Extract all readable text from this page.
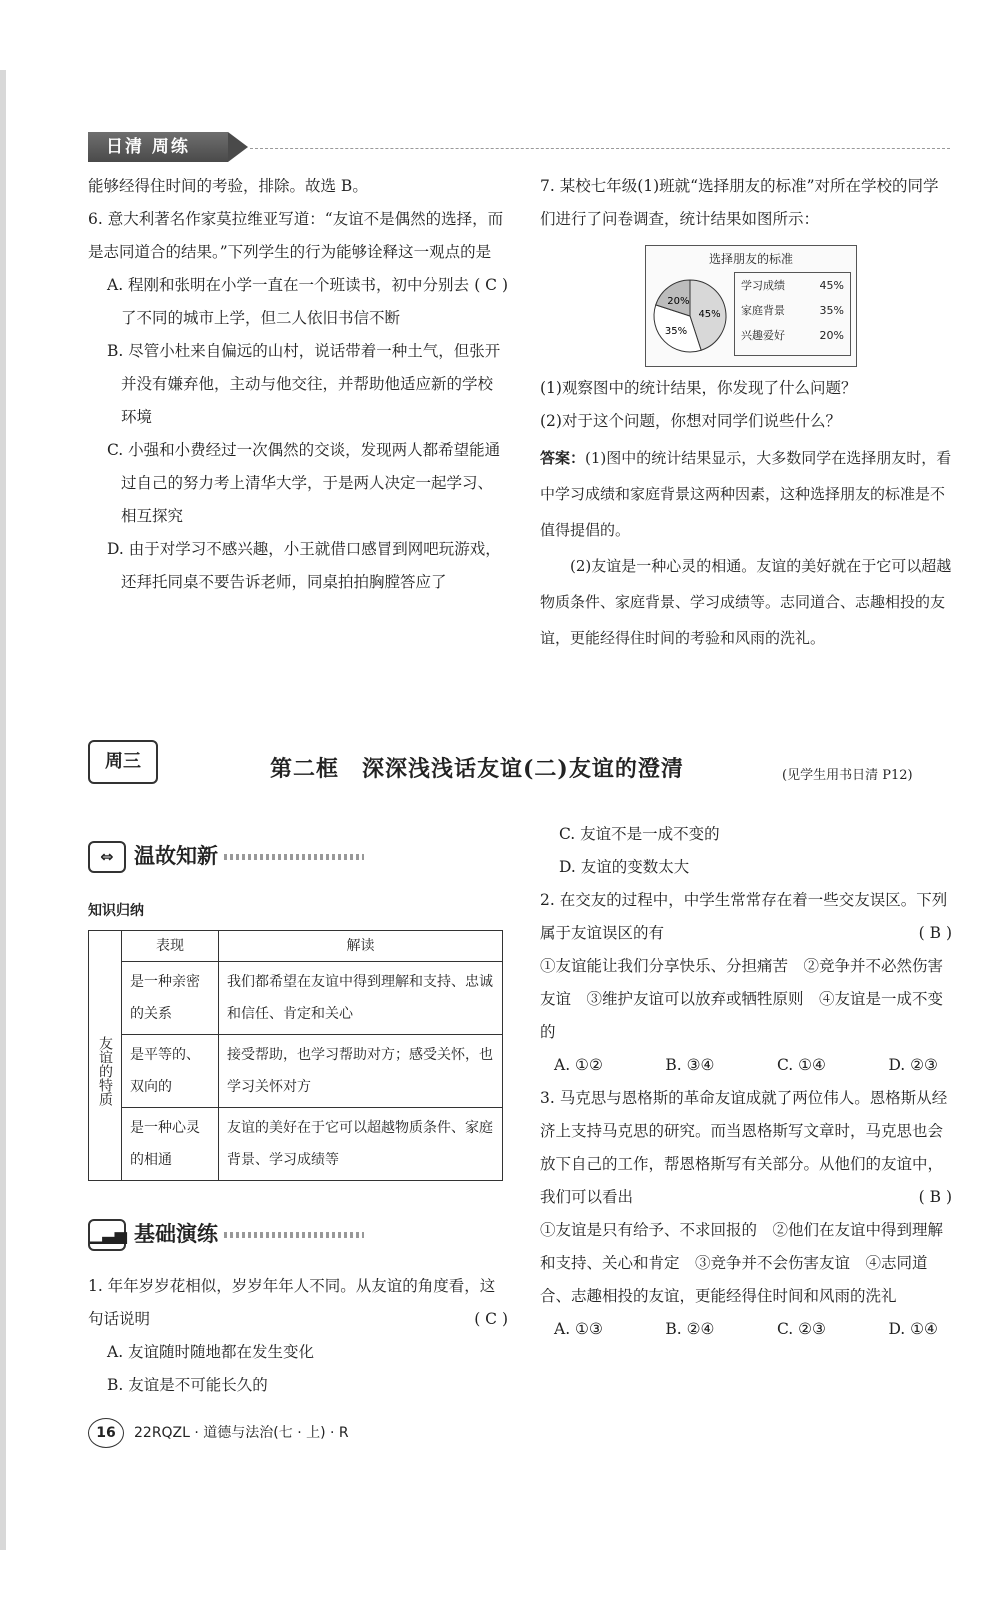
日清 周练
能够经得住时间的考验，排除。故选 B。
6. 意大利著名作家莫拉维亚写道：“友谊不是偶然的选择，而是志同道合的结果。”下列学生的行为能够诠释这一观点的是
( C )
A. 程刚和张明在小学一直在一个班读书，初中分别去了不同的城市上学，但二人依旧书信不断
B. 尽管小杜来自偏远的山村，说话带着一种土气，但张开并没有嫌弃他，主动与他交往，并帮助他适应新的学校环境
C. 小强和小费经过一次偶然的交谈，发现两人都希望能通过自己的努力考上清华大学，于是两人决定一起学习、相互探究
D. 由于对学习不感兴趣，小王就借口感冒到网吧玩游戏，还拜托同桌不要告诉老师，同桌拍拍胸膛答应了
7. 某校七年级(1)班就“选择朋友的标准”对所在学校的同学们进行了问卷调查，统计结果如图所示：
选择朋友的标准
45%
35%
20%
学习成绩	45%
家庭背景	35%
兴趣爱好	20%
(1)观察图中的统计结果，你发现了什么问题？
(2)对于这个问题，你想对同学们说些什么？
答案：(1)图中的统计结果显示，大多数同学在选择朋友时，看中学习成绩和家庭背景这两种因素，这种选择朋友的标准是不值得提倡的。
(2)友谊是一种心灵的相通。友谊的美好就在于它可以超越物质条件、家庭背景、学习成绩等。志同道合、志趣相投的友谊，更能经得住时间的考验和风雨的洗礼。
周三	第二框　深深浅浅话友谊(二)友谊的澄清	(见学生用书日清 P12)
⇔ 温故知新
知识归纳
	表现	解读
友谊的特质	是一种亲密的关系	我们都希望在友谊中得到理解和支持、忠诚和信任、肯定和关心
	是平等的、双向的	接受帮助，也学习帮助对方；感受关怀，也学习关怀对方
	是一种心灵的相通	友谊的美好在于它可以超越物质条件、家庭背景、学习成绩等
▁▃▅ 基础演练
1. 年年岁岁花相似，岁岁年年人不同。从友谊的角度看，这句话说明	( C )
A. 友谊随时随地都在发生变化
B. 友谊是不可能长久的
C. 友谊不是一成不变的
D. 友谊的变数太大
2. 在交友的过程中，中学生常常存在着一些交友误区。下列属于友谊误区的有	( B )
①友谊能让我们分享快乐、分担痛苦　②竞争并不必然伤害友谊　③维护友谊可以放弃或牺牲原则　④友谊是一成不变的
A. ①②	B. ③④	C. ①④	D. ②③
3. 马克思与恩格斯的革命友谊成就了两位伟人。恩格斯从经济上支持马克思的研究。而当恩格斯写文章时，马克思也会放下自己的工作，帮恩格斯写有关部分。从他们的友谊中，我们可以看出	( B )
①友谊是只有给予、不求回报的　②他们在友谊中得到理解和支持、关心和肯定　③竞争并不会伤害友谊　④志同道合、志趣相投的友谊，更能经得住时间和风雨的洗礼
A. ①③	B. ②④	C. ②③	D. ①④
16 22RQZL · 道德与法治(七 · 上) · R
